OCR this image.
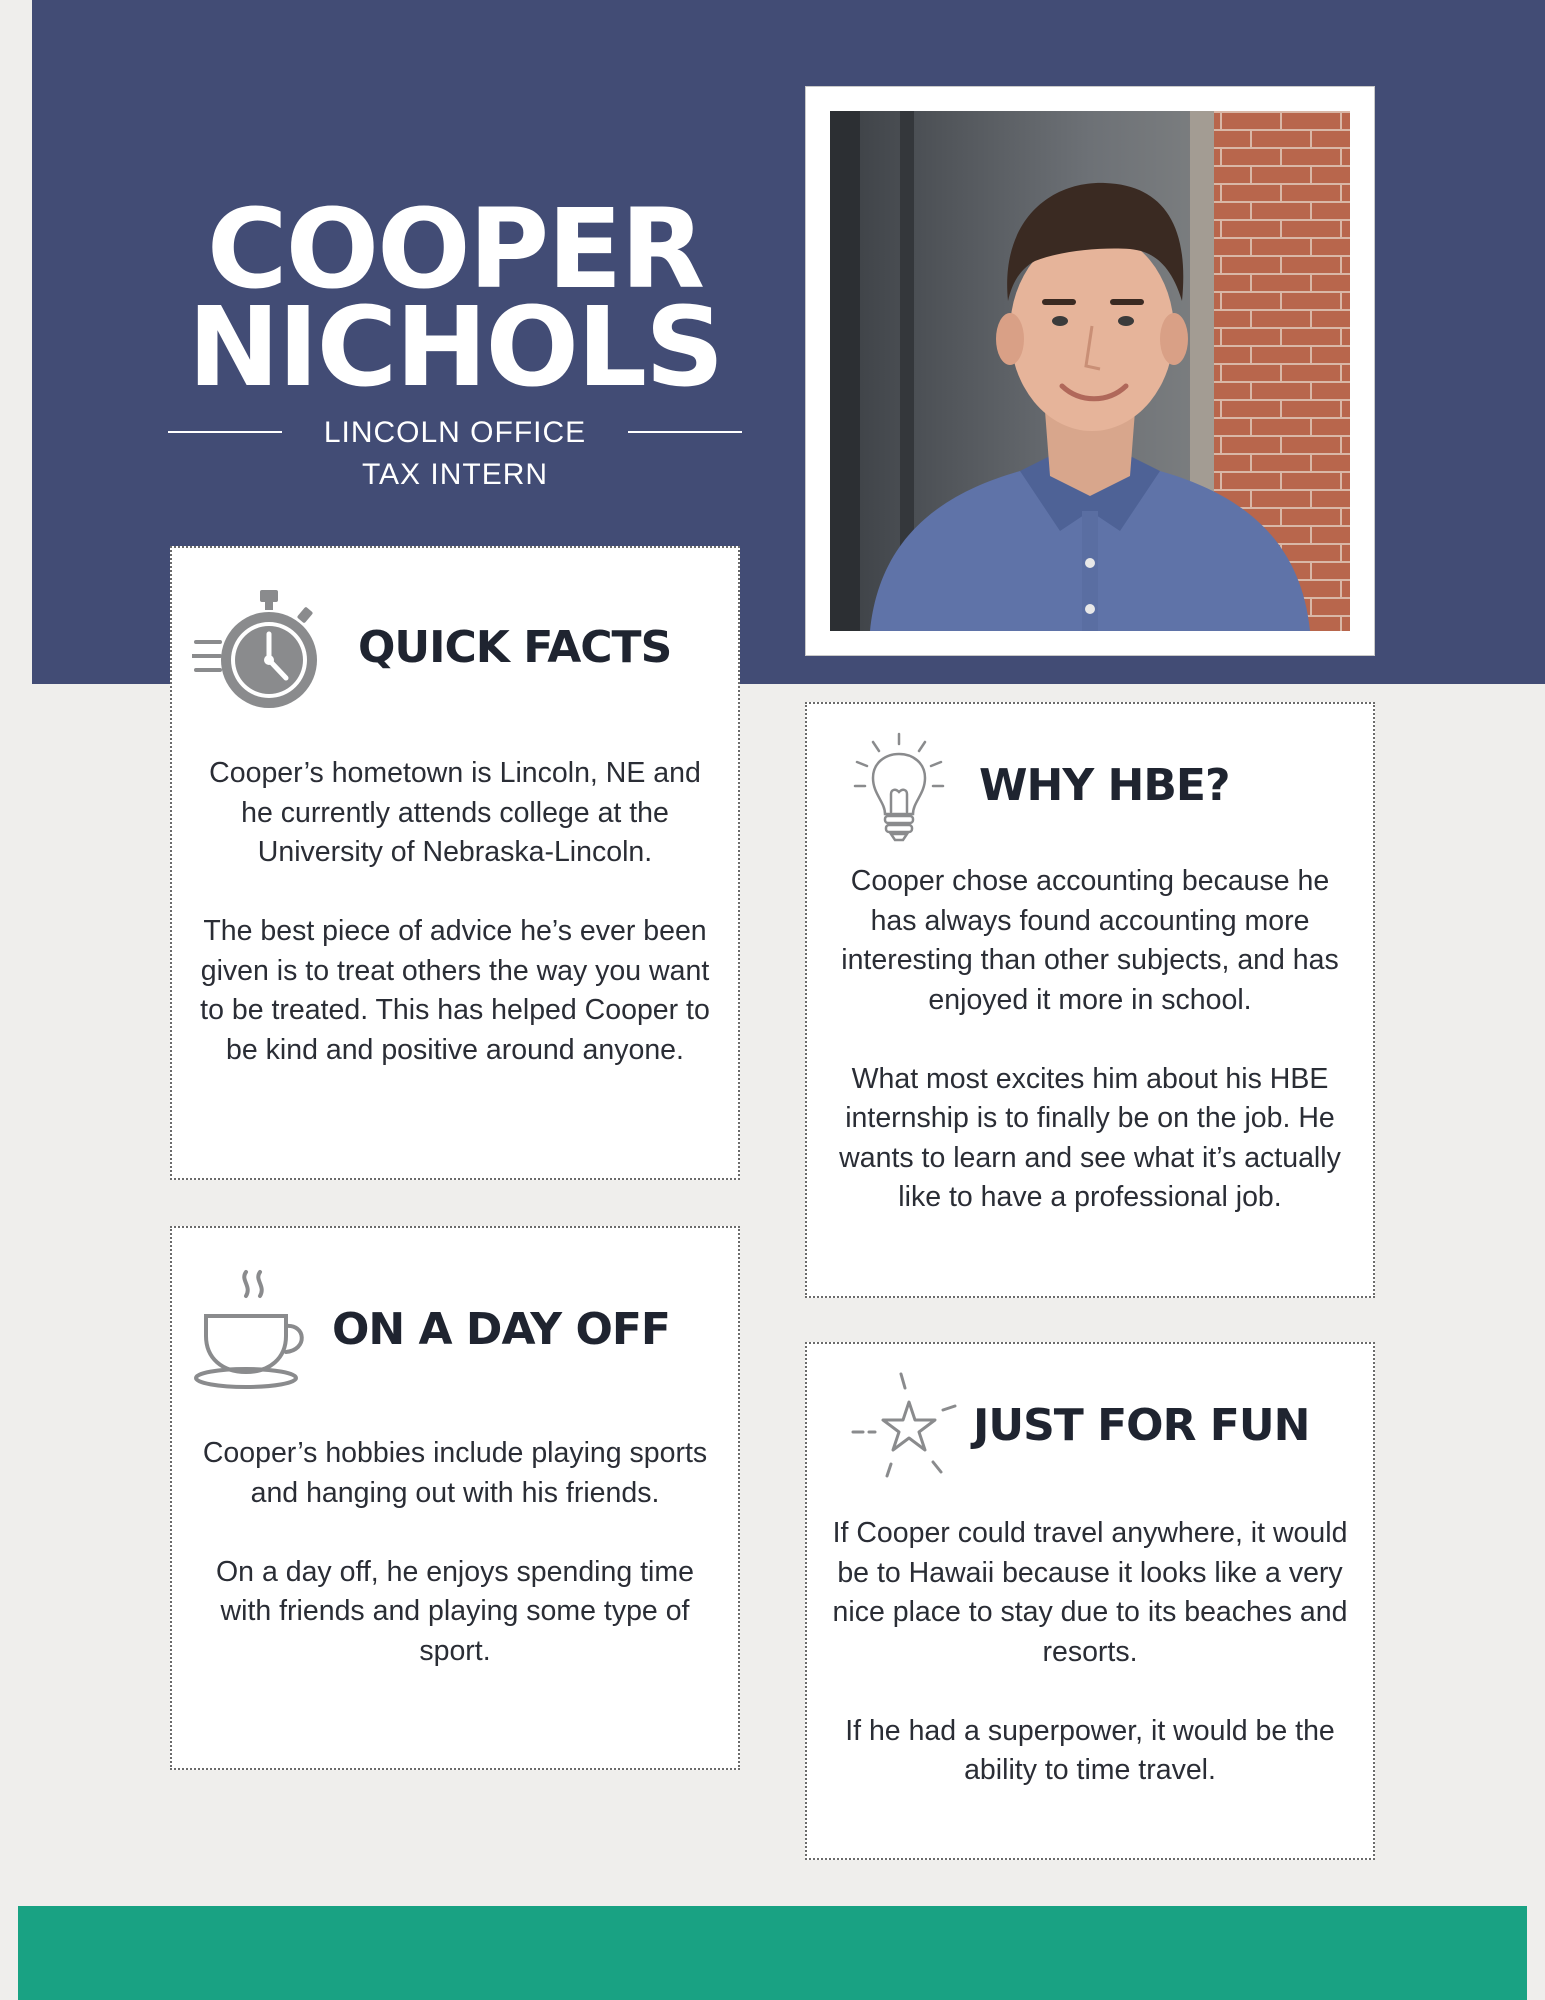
COOPER
NICHOLS
LINCOLN OFFICE
TAX INTERN
QUICK FACTS

Cooper’s hometown is Lincoln, NE and he currently attends college at the University of Nebraska-Lincoln.

The best piece of advice he’s ever been given is to treat others the way you want to be treated. This has helped Cooper to be kind and positive around anyone.

WHY HBE?

Cooper chose accounting because he has always found accounting more interesting than other subjects, and has enjoyed it more in school.

What most excites him about his HBE internship is to finally be on the job. He wants to learn and see what it’s actually like to have a professional job.

ON A DAY OFF

Cooper’s hobbies include playing sports and hanging out with his friends.

On a day off, he enjoys spending time with friends and playing some type of sport.

JUST FOR FUN

If Cooper could travel anywhere, it would be to Hawaii because it looks like a very nice place to stay due to its beaches and resorts.

If he had a superpower, it would be the ability to time travel.
